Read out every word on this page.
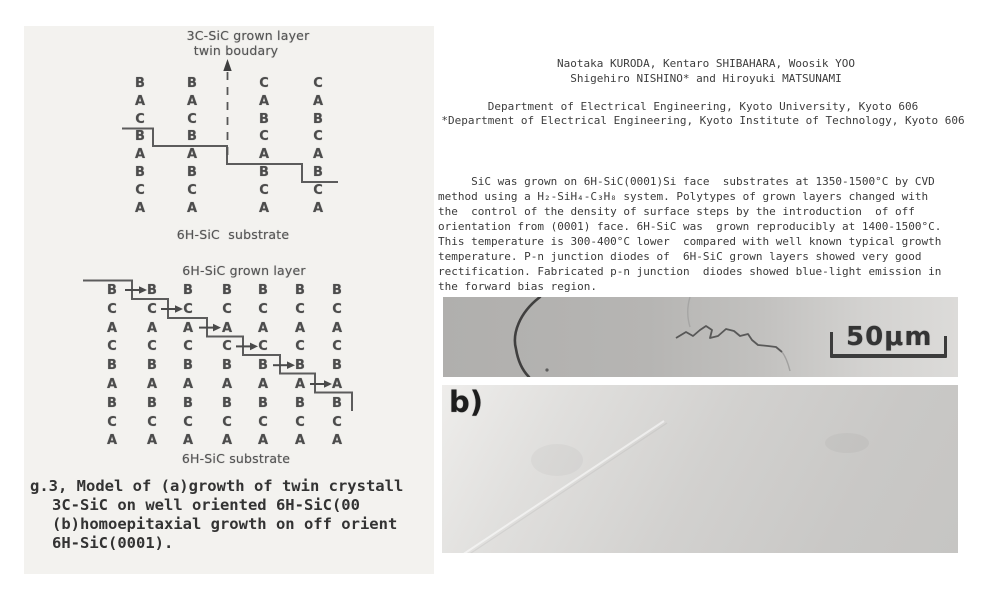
B
A
C
B
A
B
C
A
B
A
C
B
A
B
C
A
C
A
B
C
A
B
C
A
C
A
B
C
A
B
C
A
B B B B B B B
C C C C C C C
A A A A A A A
C C C C C C C
B B B B B B B
A A A A A A A
B B B B B B B
C C C C C C C
A A A A A A A
3C-SiC grown layer
twin boudary
6H-SiC  substrate
6H-SiC grown layer
6H-SiC substrate
g.3, Model of (a)growth of twin crystall
3C-SiC on well oriented 6H-SiC(00
(b)homoepitaxial growth on off orient
6H-SiC(0001).
Naotaka KURODA, Kentaro SHIBAHARA, Woosik YOO
Shigehiro NISHINO* and Hiroyuki MATSUNAMI
Department of Electrical Engineering, Kyoto University, Kyoto 606
*Department of Electrical Engineering, Kyoto Institute of Technology, Kyoto 606
SiC was grown on 6H-SiC(0001)Si face  substrates at 1350-1500°C by CVD
method using a H₂-SiH₄-C₃H₈ system. Polytypes of grown layers changed with
the  control of the density of surface steps by the introduction  of off
orientation from (0001) face. 6H-SiC was  grown reproducibly at 1400-1500°C.
This temperature is 300-400°C lower  compared with well known typical growth
temperature. P-n junction diodes of  6H-SiC grown layers showed very good
rectification. Fabricated p-n junction  diodes showed blue-light emission in
the forward bias region.
50μm
b)
